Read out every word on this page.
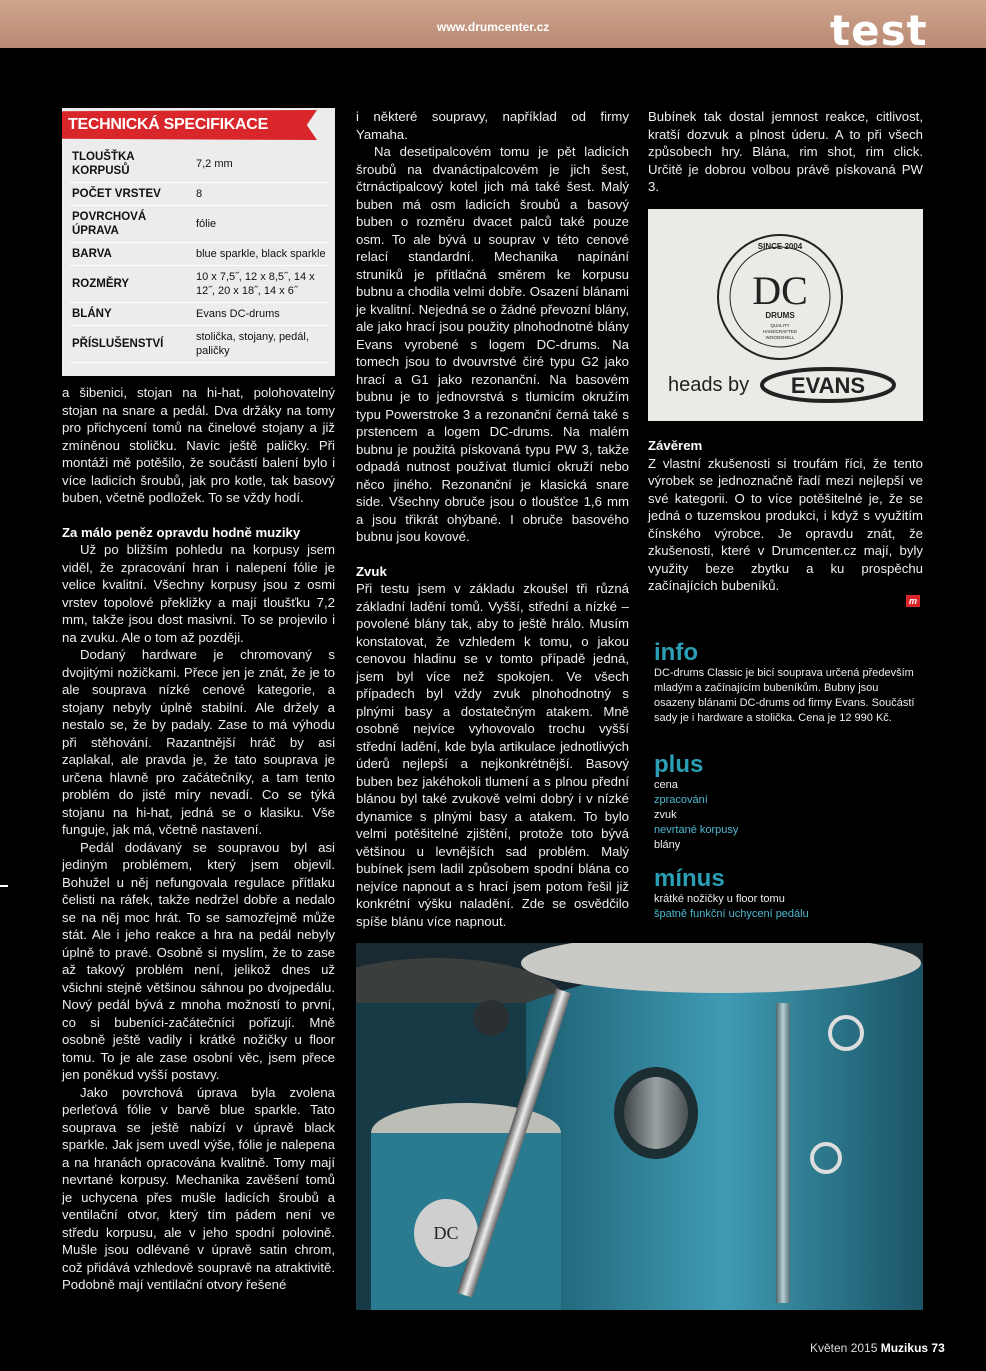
www.drumcenter.cz	test
TECHNICKÁ SPECIFIKACE
TLOUŠŤKA KORPUSŮ	7,2 mm
POČET VRSTEV	8
POVRCHOVÁ ÚPRAVA	fólie
BARVA	blue sparkle, black sparkle
ROZMĚRY	10 x 7,5˝, 12 x 8,5˝, 14 x 12˝, 20 x 18˝, 14 x 6˝
BLÁNY	Evans DC-drums
PŘÍSLUŠENSTVÍ	stolička, stojany, pedál, paličky

a šibenici, stojan na hi-hat, polohovatelný stojan na snare a pedál. Dva držáky na tomy pro přichycení tomů na činelové stojany a již zmíněnou stoličku. Navíc ještě paličky. Při montáži mě potěšilo, že součástí balení bylo i více ladicích šroubů, jak pro kotle, tak basový buben, včetně podložek. To se vždy hodí.

Za málo peněz opravdu hodně muziky

Už po bližším pohledu na korpusy jsem viděl, že zpracování hran i nalepení fólie je velice kvalitní. Všechny korpusy jsou z osmi vrstev topolové překližky a mají tloušťku 7,2 mm, takže jsou dost masivní. To se projevilo i na zvuku. Ale o tom až později.

Dodaný hardware je chromovaný s dvojitými nožičkami. Přece jen je znát, že je to ale souprava nízké cenové kategorie, a stojany nebyly úplně stabilní. Ale držely a nestalo se, že by padaly. Zase to má výhodu při stěhování. Razantnější hráč by asi zaplakal, ale pravda je, že tato souprava je určena hlavně pro začátečníky, a tam tento problém do jisté míry nevadí. Co se týká stojanu na hi-hat, jedná se o klasiku. Vše funguje, jak má, včetně nastavení.

Pedál dodávaný se soupravou byl asi jediným problémem, který jsem objevil. Bohužel u něj nefungovala regulace přítlaku čelisti na ráfek, takže nedržel dobře a nedalo se na něj moc hrát. To se samozřejmě může stát. Ale i jeho reakce a hra na pedál nebyly úplně to pravé. Osobně si myslím, že to zase až takový problém není, jelikož dnes už všichni stejně většinou sáhnou po dvojpedálu. Nový pedál bývá z mnoha možností to první, co si bubeníci-začátečníci pořizují. Mně osobně ještě vadily i krátké nožičky u floor tomu. To je ale zase osobní věc, jsem přece jen poněkud vyšší postavy.

Jako povrchová úprava byla zvolena perleťová fólie v barvě blue sparkle. Tato souprava se ještě nabízí v úpravě black sparkle. Jak jsem uvedl výše, fólie je nalepena a na hranách opracována kvalitně. Tomy mají nevrtané korpusy. Mechanika zavěšení tomů je uchycena přes mušle ladicích šroubů a ventilační otvor, který tím pádem není ve středu korpusu, ale v jeho spodní polovině. Mušle jsou odlévané v úpravě satin chrom, což přidává vzhledově soupravě na atraktivitě. Podobně mají ventilační otvory řešené

i některé soupravy, například od firmy Yamaha.

Na desetipalcovém tomu je pět ladicích šroubů na dvanáctipalcovém je jich šest, čtrnáctipalcový kotel jich má také šest. Malý buben má osm ladicích šroubů a basový buben o rozměru dvacet palců také pouze osm. To ale bývá u souprav v této cenové relací standardní. Mechanika napínání struníků je přítlačná směrem ke korpusu bubnu a chodila velmi dobře. Osazení blánami je kvalitní. Nejedná se o žádné převozní blány, ale jako hrací jsou použity plnohodnotné blány Evans vyrobené s logem DC-drums. Na tomech jsou to dvouvrstvé čiré typu G2 jako hrací a G1 jako rezonanční. Na basovém bubnu je to jednovrstvá s tlumicím okružím typu Powerstroke 3 a rezonanční černá také s prstencem a logem DC-drums. Na malém bubnu je použitá pískovaná typu PW 3, takže odpadá nutnost používat tlumicí okruží nebo něco jiného. Rezonanční je klasická snare side. Všechny obruče jsou o tloušťce 1,6 mm a jsou třikrát ohýbané. I obruče basového bubnu jsou kovové.

Zvuk

Při testu jsem v základu zkoušel tři různá základní ladění tomů. Vyšší, střední a nízké – povolené blány tak, aby to ještě hrálo. Musím konstatovat, že vzhledem k tomu, o jakou cenovou hladinu se v tomto případě jedná, jsem byl více než spokojen. Ve všech případech byl vždy zvuk plnohodnotný s plnými basy a dostatečným atakem. Mně osobně nejvíce vyhovovalo trochu vyšší střední ladění, kde byla artikulace jednotlivých úderů nejlepší a nejkonkrétnější. Basový buben bez jakéhokoli tlumení a s plnou přední blánou byl také zvukově velmi dobrý i v nízké dynamice s plnými basy a atakem. To bylo velmi potěšitelné zjištění, protože toto bývá většinou u levnějších sad problém. Malý bubínek jsem ladil způsobem spodní blána co nejvíce napnout a s hrací jsem potom řešil již konkrétní výšku naladění. Zde se osvědčilo spíše blánu více napnout.

Bubínek tak dostal jemnost reakce, citlivost, kratší dozvuk a plnost úderu. A to při všech způsobech hry. Blána, rim shot, rim click. Určitě je dobrou volbou právě pískovaná PW 3.

SINCE 2004
DC
DRUMS
QUALITY
HANDCRAFTED
WOODSHELL
heads by EVANS
Závěrem

Z vlastní zkušenosti si troufám říci, že tento výrobek se jednoznačně řadí mezi nejlepší ve své kategorii. O to více potěšitelné je, že se jedná o tuzemskou produkci, i když s využitím čínského výrobce. Je opravdu znát, že zkušenosti, které v Drumcenter.cz mají, byly využity beze zbytku a ku prospěchu začínajících bubeníků.

m
info
DC-drums Classic je bicí souprava určená především mladým a začínajícím bubeníkům. Bubny jsou osazeny blánami DC-drums od firmy Evans. Součástí sady je i hardware a stolička. Cena je 12 990 Kč.
plus
cena
zpracování
zvuk
nevrtané korpusy
blány
mínus
krátké nožičky u floor tomu
špatně funkční uchycení pedálu
DC
Květen 2015 Muzikus 73
